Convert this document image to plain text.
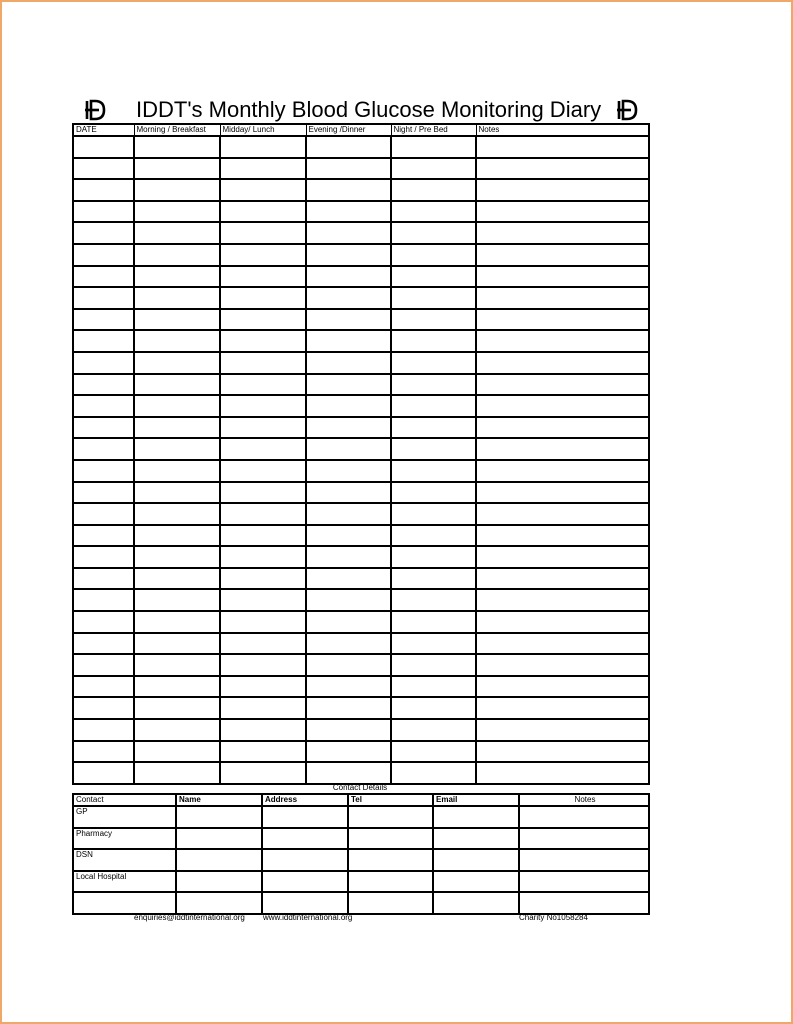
IDDT's Monthly Blood Glucose Monitoring Diary
DATE	Morning / Breakfast	Midday/ Lunch	Evening /Dinner	Night / Pre Bed	Notes

Contact Details
Contact	Name	Address	Tel	Email	Notes
GP					
Pharmacy					
DSN					
Local Hospital					

enquiries@iddtinternational.org www.iddtinternational.org	Charity No1058284
